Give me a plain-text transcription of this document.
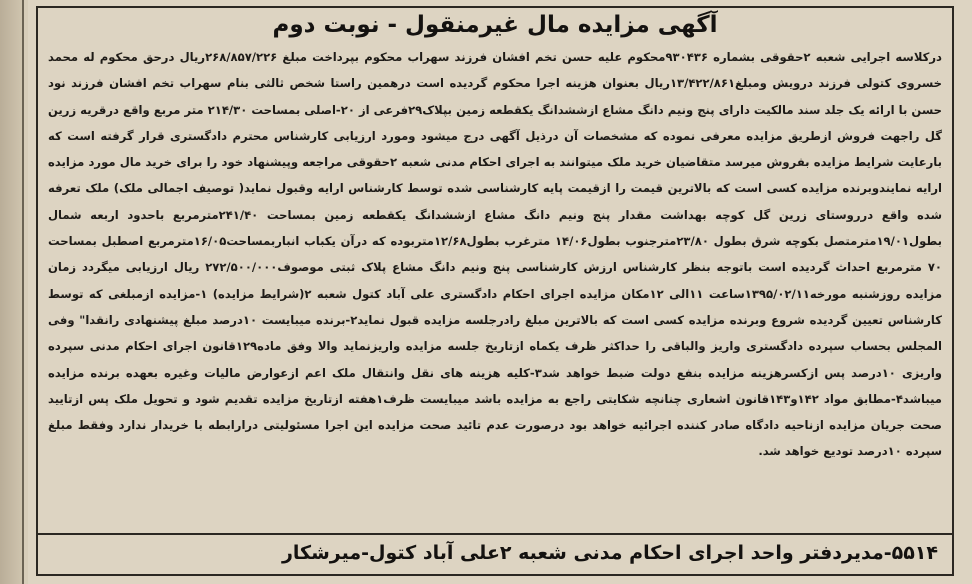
آگهی مزایده مال غیرمنقول - نوبت دوم
درکلاسه اجرایی شعبه ۲حقوقی بشماره ۹۳۰۴۳۶محکوم علیه حسن تخم افشان فرزند سهراب محکوم بپرداخت مبلغ ۲۶۸/۸۵۷/۲۲۶ریال درحق محکوم له محمد خسروی کتولی فرزند درویش ومبلغ۱۳/۴۲۲/۸۶۱ریال بعنوان هزینه اجرا محکوم گردیده است درهمین راستا شخص ثالثی بنام سهراب تخم افشان فرزند نود حسن با ارائه یک جلد سند مالکیت دارای پنج ونیم دانگ مشاع ازششدانگ یکقطعه زمین بپلاک۲۹فرعی از ۲۰-اصلی بمساحت ۲۱۴/۳۰ متر مربع واقع درقریه زرین گل راجهت فروش ازطریق مزایده معرفی نموده که مشخصات آن درذیل آگهی درج میشود ومورد ارزیابی کارشناس محترم دادگستری قرار گرفته است که بارعایت شرایط مزایده بفروش میرسد متقاضیان خرید ملک میتوانند به اجرای احکام مدنی شعبه ۲حقوقی مراجعه وپیشنهاد خود را برای خرید مال مورد مزایده ارایه نمایندوبرنده مزایده کسی است که بالاترین قیمت را ازقیمت پایه کارشناسی شده توسط کارشناس ارایه وقبول نماید( توصیف اجمالی ملک) ملک تعرفه شده واقع درروستای زرین گل کوچه بهداشت مقدار پنج ونیم دانگ مشاع ازششدانگ یکقطعه زمین بمساحت ۲۴۱/۴۰مترمربع باحدود اربعه شمال بطول۱۹/۰۱مترمتصل بکوچه شرق بطول ۲۳/۸۰مترجنوب بطول۱۴/۰۶ مترغرب بطول۱۲/۶۸متربوده که درآن یکباب انباربمساحت۱۶/۰۵مترمربع اصطبل بمساحت ۷۰ مترمربع احداث گردیده است باتوجه بنظر کارشناس ارزش کارشناسی پنج ونیم دانگ مشاع پلاک ثبتی موصوف۲۷۲/۵۰۰/۰۰۰ ریال ارزیابی میگردد زمان مزایده روزشنبه مورخه۱۳۹۵/۰۲/۱۱ساعت ۱۱الی ۱۲مکان مزایده اجرای احکام دادگستری علی آباد کتول شعبه ۲(شرایط مزایده) ۱-مزایده ازمبلغی که توسط کارشناس تعیین گردیده شروع وبرنده مزایده کسی است که بالاترین مبلغ رادرجلسه مزایده قبول نماید۲-برنده میبایست ۱۰درصد مبلغ پیشنهادی رانقدا" وفی المجلس بحساب سپرده دادگستری واریز والباقی را حداکثر ظرف یکماه ازتاریخ جلسه مزایده واریزنماید والا وفق ماده۱۲۹قانون اجرای احکام مدنی سپرده واریزی ۱۰درصد پس ازکسرهزینه مزایده بنفع دولت ضبط خواهد شد۳-کلیه هزینه های نقل وانتقال ملک اعم ازعوارض مالیات وغیره بعهده برنده مزایده میباشد۴-مطابق مواد ۱۴۲و۱۴۳قانون اشعاری چنانچه شکایتی راجع به مزایده باشد میبایست ظرف۱هفته ازتاریخ مزایده تقدیم شود و تحویل ملک پس ازتایید صحت جریان مزایده ازناحیه دادگاه صادر کننده اجرائیه خواهد بود درصورت عدم تائید صحت مزایده این اجرا مسئولیتی درارابطه با خریدار ندارد وفقط مبلغ سپرده ۱۰درصد تودیع خواهد شد.
۵۵۱۴-مدیردفتر واحد اجرای احکام مدنی شعبه ۲علی آباد کتول-میرشکار
